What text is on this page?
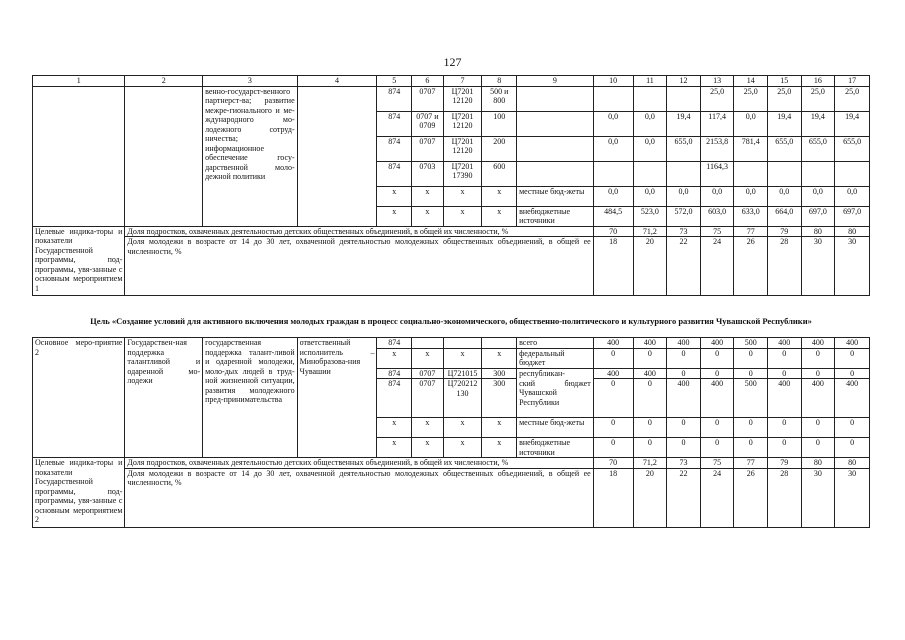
127
1	2	3	4	5	6	7	8	9	10	11	12	13	14	15	16	17
		венно-государст-венного партнерст-ва; развитие межре-гионального и ме-ждународного мо-лодежного сотруд-ничества; информационное обеспечение госу-дарственной моло-дежной политики		874	0707	Ц7201 12120	500 и 800					25,0	25,0	25,0	25,0	25,0
				874	0707 и 0709	Ц7201 12120	100		0,0	0,0	19,4	117,4	0,0	19,4	19,4	19,4
				874	0707	Ц7201 12120	200		0,0	0,0	655,0	2153,8	781,4	655,0	655,0	655,0
				874	0703	Ц7201 17390	600					1164,3				
				x	x	x	x	местные бюд-жеты	0,0	0,0	0,0	0,0	0,0	0,0	0,0	0,0
				x	x	x	x	внебюджетные источники	484,5	523,0	572,0	603,0	633,0	664,0	697,0	697,0
Целевые индика-торы и показатели Государственной программы, под-программы, увя-занные с основным мероприятием 1	Доля подростков, охваченных деятельностью детских общественных объединений, в общей их численности, %								70	71,2	73	75	77	79	80	80
	Доля молодежи в возрасте от 14 до 30 лет, охваченной деятельностью молодежных общественных объединений, в общей ее численности, %								18	20	22	24	26	28	30	30
Цель «Создание условий для активного включения молодых граждан в процесс социально-экономического, общественно-политического и культурного развития Чувашской Республики»
Основное меро-приятие 2	Государствен-ная поддержка талантливой и одаренной мо-лодежи	государственная поддержка талант-ливой и одаренной молодежи, моло-дых людей в труд-ной жизненной ситуации, развития молодежного пред-принимательства	ответственный исполнитель – Минобразова-ния Чувашии	874				всего	400	400	400	400	500	400	400	400
				x	x	x	x	федеральный бюджет	0	0	0	0	0	0	0	0
				874	0707	Ц721015	300	республикан-	400	400	0	0	0	0	0	0
				874	0707	Ц720212 130	300	ский бюджет Чувашской Республики	0	0	400	400	500	400	400	400
				x	x	x	x	местные бюд-жеты	0	0	0	0	0	0	0	0
				x	x	x	x	внебюджетные источники	0	0	0	0	0	0	0	0
Целевые индика-торы и показатели Государственной программы, под-программы, увя-занные с основным мероприятием 2	Доля подростков, охваченных деятельностью детских общественных объединений, в общей их численности, %								70	71,2	73	75	77	79	80	80
	Доля молодежи в возрасте от 14 до 30 лет, охваченной деятельностью молодежных общественных объединений, в общей ее численности, %								18	20	22	24	26	28	30	30
